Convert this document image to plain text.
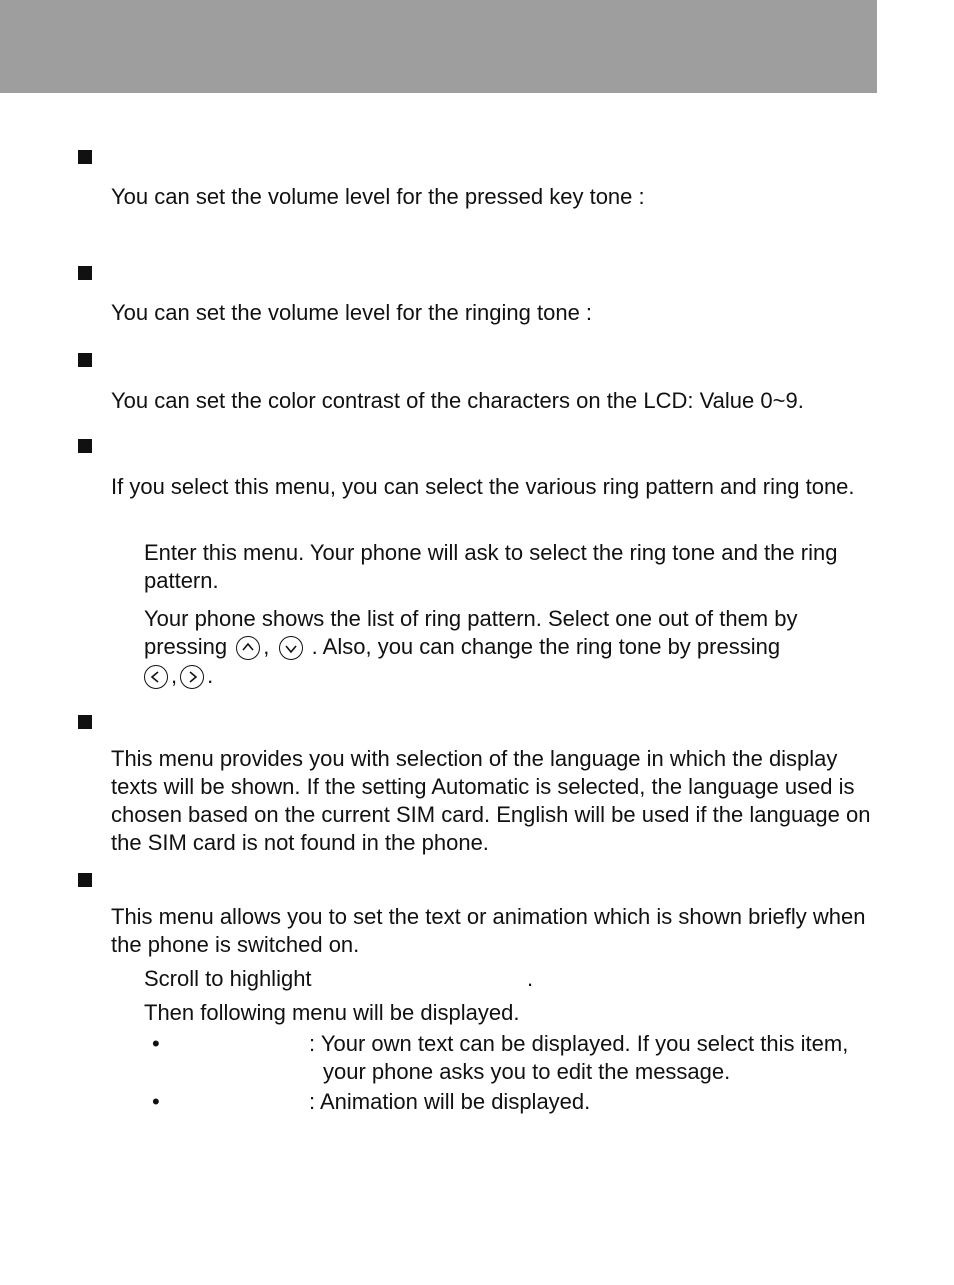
You can set the volume level for the pressed key tone :
You can set the volume level for the ringing tone :
You can set the color contrast of the characters on the LCD: Value 0~9.
If you select this menu, you can select the various ring pattern and ring tone.
Enter this menu. Your phone will ask to select the ring tone and the ring pattern.
Your phone shows the list of ring pattern. Select one out of them by
pressing , . Also, you can change the ring tone by pressing
, .
This menu provides you with selection of the language in which the display texts will be shown. If the setting Automatic is selected, the language used is chosen based on the current SIM card. English will be used if the language on the SIM card is not found in the phone.
This menu allows you to set the text or animation which is shown briefly when the phone is switched on.
Scroll to highlight	.
Then following menu will be displayed.
•	: Your own text can be displayed. If you select this item, your phone asks you to edit the message.
•	: Animation will be displayed.
